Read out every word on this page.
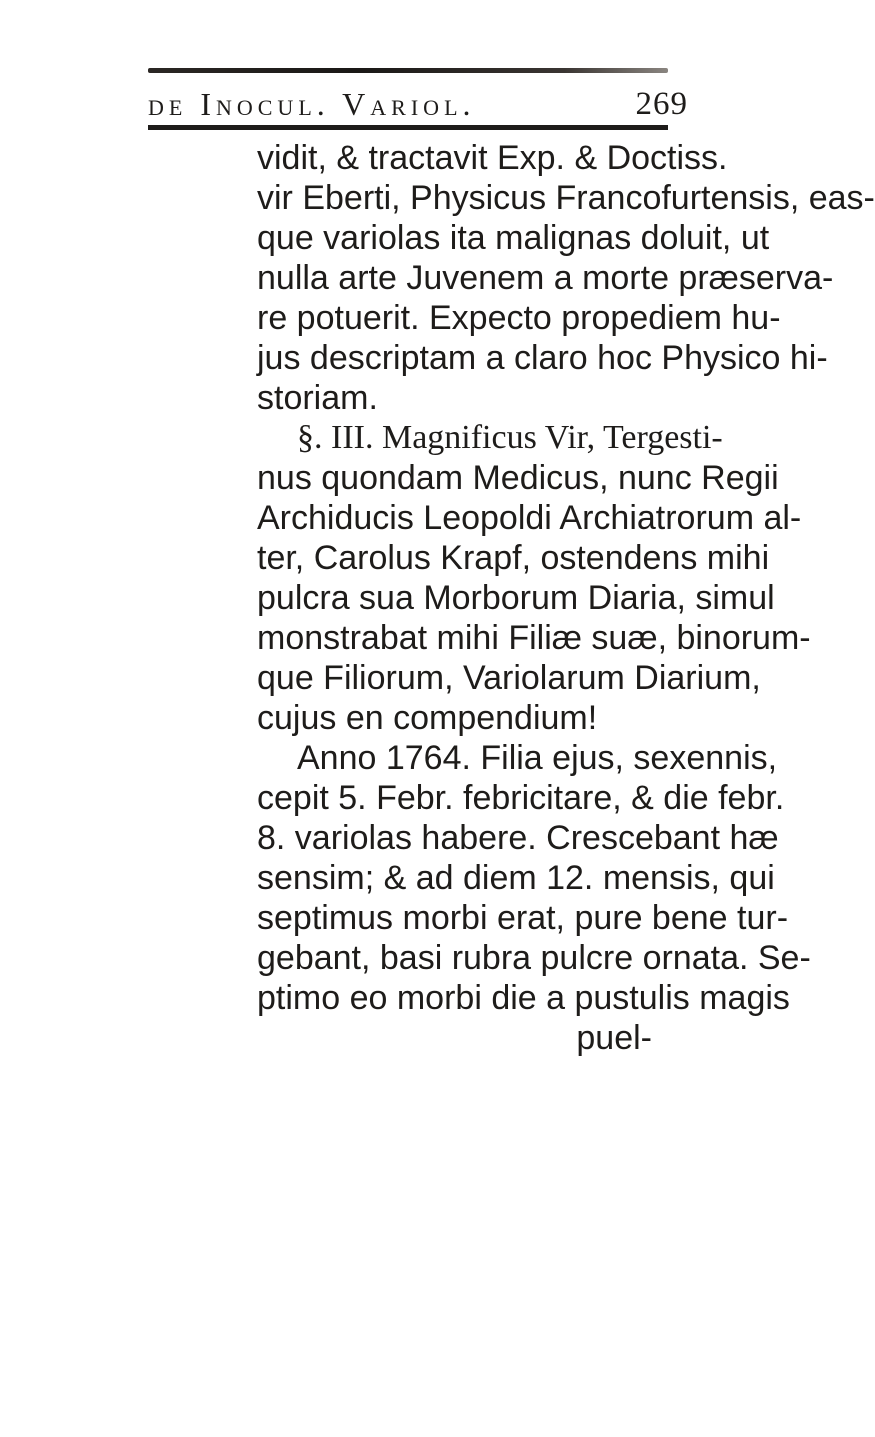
de Inocul. Variol.	269
vidit, & tractavit Exp. & Doctiss.
vir Eberti, Physicus Francofurtensis, eas-
que variolas ita malignas doluit, ut
nulla arte Juvenem a morte præserva-
re potuerit. Expecto propediem hu-
jus descriptam a claro hoc Physico hi-
storiam.
§. III. Magnificus Vir, Tergesti-
nus quondam Medicus, nunc Regii
Archiducis Leopoldi Archiatrorum al-
ter, Carolus Krapf, ostendens mihi
pulcra sua Morborum Diaria, simul
monstrabat mihi Filiæ suæ, binorum-
que Filiorum, Variolarum Diarium,
cujus en compendium!
Anno 1764. Filia ejus, sexennis,
cepit 5. Febr. febricitare, & die febr.
8. variolas habere. Crescebant hæ
sensim; & ad diem 12. mensis, qui
septimus morbi erat, pure bene tur-
gebant, basi rubra pulcre ornata. Se-
ptimo eo morbi die a pustulis magis
puel-
